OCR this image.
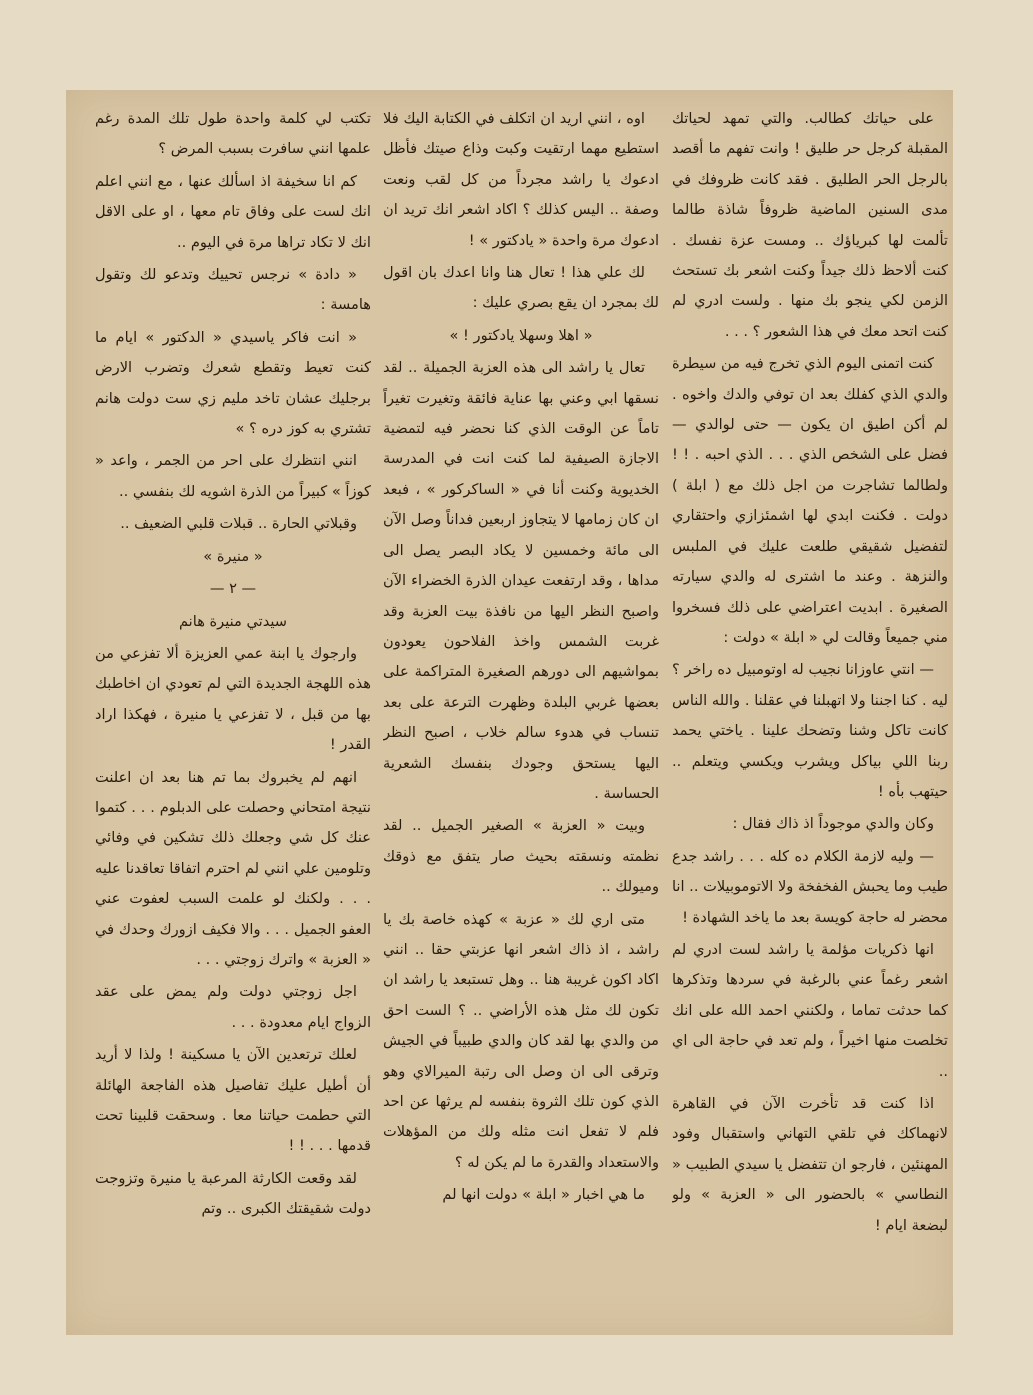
على حياتك كطالب. والتي تمهد لحياتك المقبلة كرجل حر طليق ! وانت تفهم ما أقصد بالرجل الحر الطليق . فقد كانت ظروفك في مدى السنين الماضية ظروفاً شاذة طالما تألمت لها كبرياؤك .. ومست عزة نفسك . كنت ألاحظ ذلك جيداً وكنت اشعر بك تستحث الزمن لكي ينجو بك منها . ولست ادري لم كنت اتحد معك في هذا الشعور ؟ . . .

كنت اتمنى اليوم الذي تخرج فيه من سيطرة والدي الذي كفلك بعد ان توفي والدك واخوه . لم أكن اطيق ان يكون — حتى لوالدي — فضل على الشخص الذي . . . الذي احبه . ! ! ولطالما تشاجرت من اجل ذلك مع ( ابلة ) دولت . فكنت ابدي لها اشمئزازي واحتقاري لتفضيل شقيقي طلعت عليك في الملبس والنزهة . وعند ما اشترى له والدي سيارته الصغيرة . ابديت اعتراضي على ذلك فسخروا مني جميعاً وقالت لي « ابلة » دولت :

— انتي عاوزانا نجيب له اوتومبيل ده راخر ؟ ليه . كنا اجننا ولا اتهبلنا في عقلنا . والله الناس كانت تاكل وشنا وتضحك علينا . ياختي يحمد ربنا اللي بياكل ويشرب ويكسي ويتعلم .. حيتهب بأه !

وكان والدي موجوداً اذ ذاك فقال :

— وليه لازمة الكلام ده كله . . . راشد جدع طيب وما يحبش الفخفخة ولا الاتوموبيلات .. انا محضر له حاجة كويسة بعد ما ياخد الشهادة !

انها ذكريات مؤلمة يا راشد لست ادري لم اشعر رغماً عني بالرغبة في سردها وتذكرها كما حدثت تماما ، ولكنني احمد الله على انك تخلصت منها اخيراً ، ولم تعد في حاجة الى اي ..

اذا كنت قد تأخرت الآن في القاهرة لانهماكك في تلقي التهاني واستقبال وفود المهنئين ، فارجو ان تتفضل يا سيدي الطبيب « النطاسي » بالحضور الى « العزبة » ولو لبضعة ايام !

اوه ، انني اريد ان اتكلف في الكتابة اليك فلا استطيع مهما ارتقيت وكبت وذاع صيتك فأظل ادعوك يا راشد مجرداً من كل لقب ونعت وصفة .. اليس كذلك ؟ اكاد اشعر انك تريد ان ادعوك مرة واحدة « يادكتور » !

لك علي هذا ! تعال هنا وانا اعدك بان اقول لك بمجرد ان يقع بصري عليك :

« اهلا وسهلا يادكتور ! »

تعال يا راشد الى هذه العزبة الجميلة .. لقد نسقها ابي وعني بها عناية فائقة وتغيرت تغيراً تاماً عن الوقت الذي كنا نحضر فيه لتمضية الاجازة الصيفية لما كنت انت في المدرسة الخديوية وكنت أنا في « الساكركور » ، فبعد ان كان زمامها لا يتجاوز اربعين فداناً وصل الآن الى مائة وخمسين لا يكاد البصر يصل الى مداها ، وقد ارتفعت عيدان الذرة الخضراء الآن واصبح النظر اليها من نافذة بيت العزبة وقد غربت الشمس واخذ الفلاحون يعودون بمواشيهم الى دورهم الصغيرة المتراكمة على بعضها غربي البلدة وظهرت الترعة على بعد تنساب في هدوء سالم خلاب ، اصبح النظر اليها يستحق وجودك بنفسك الشعرية الحساسة .

وبيت « العزبة » الصغير الجميل .. لقد نظمته ونسقته بحيث صار يتفق مع ذوقك وميولك ..

متى اري لك « عزبة » كهذه خاصة بك يا راشد ، اذ ذاك اشعر انها عزبتي حقا .. انني اكاد اكون غريبة هنا .. وهل تستبعد يا راشد ان تكون لك مثل هذه الأراضي .. ؟ الست احق من والدي بها لقد كان والدي طبيباً في الجيش وترقى الى ان وصل الى رتبة الميرالاي وهو الذي كون تلك الثروة بنفسه لم يرثها عن احد فلم لا تفعل انت مثله ولك من المؤهلات والاستعداد والقدرة ما لم يكن له ؟

ما هي اخبار « ابلة » دولت انها لم

تكتب لي كلمة واحدة طول تلك المدة رغم علمها انني سافرت بسبب المرض ؟

كم انا سخيفة اذ اسألك عنها ، مع انني اعلم انك لست على وفاق تام معها ، او على الاقل انك لا تكاد تراها مرة في اليوم ..

« دادة » نرجس تحييك وتدعو لك وتقول هامسة :

« انت فاكر ياسيدي « الدكتور » ايام ما كنت تعيط وتقطع شعرك وتضرب الارض برجليك عشان تاخد مليم زي ست دولت هانم تشتري به كوز دره ؟ »

انني انتظرك على احر من الجمر ، واعد « كوزاً » كبيراً من الذرة اشويه لك بنفسي ..

وقبلاتي الحارة .. قبلات قلبي الضعيف ..

« منيرة »

— ٢ —

سيدتي منيرة هانم

وارجوك يا ابنة عمي العزيزة ألا تفزعي من هذه اللهجة الجديدة التي لم تعودي ان اخاطبك بها من قبل ، لا تفزعي يا منيرة ، فهكذا اراد القدر !

انهم لم يخبروك بما تم هنا بعد ان اعلنت نتيجة امتحاني وحصلت على الدبلوم . . . كتموا عنك كل شي وجعلك ذلك تشكين في وفائي وتلومين علي انني لم احترم اتفاقا تعاقدنا عليه . . . ولكنك لو علمت السبب لعفوت عني العفو الجميل . . . والا فكيف ازورك وحدك في « العزبة » واترك زوجتي . . .

اجل زوجتي دولت ولم يمض على عقد الزواج ايام معدودة . . .

لعلك ترتعدين الآن يا مسكينة ! ولذا لا أريد أن أطيل عليك تفاصيل هذه الفاجعة الهائلة التي حطمت حياتنا معا . وسحقت قلبينا تحت قدمها . . . ! !

لقد وقعت الكارثة المرعبة يا منيرة وتزوجت دولت شقيقتك الكبرى .. وتم
